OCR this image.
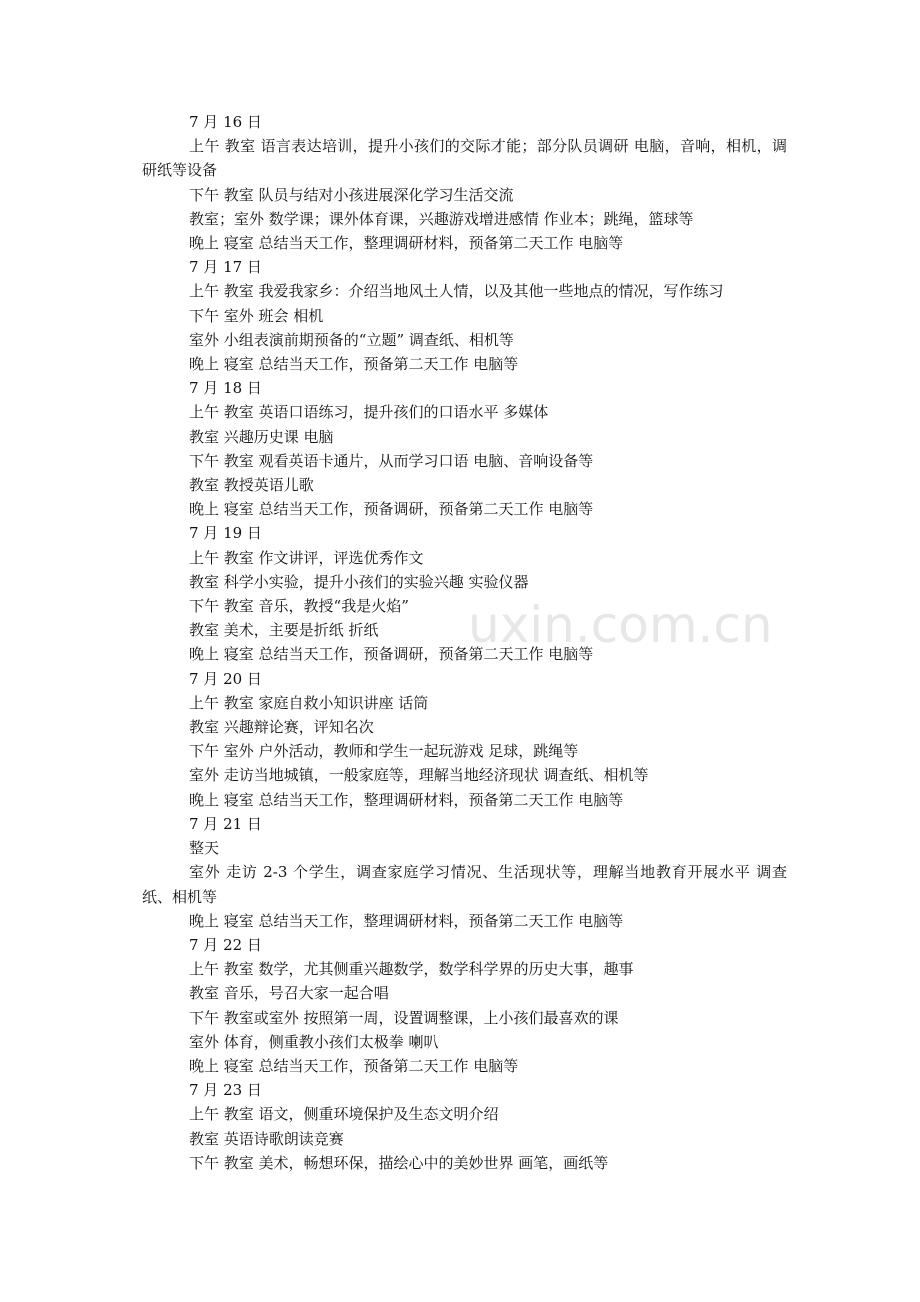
7 月 16 日

上午 教室 语言表达培训，提升小孩们的交际才能；部分队员调研 电脑，音响，相机，调研纸等设备

下午 教室 队员与结对小孩进展深化学习生活交流

教室；室外 数学课；课外体育课，兴趣游戏增进感情 作业本；跳绳，篮球等

晚上 寝室 总结当天工作，整理调研材料，预备第二天工作 电脑等

7 月 17 日

上午 教室 我爱我家乡：介绍当地风土人情，以及其他一些地点的情况，写作练习

下午 室外 班会 相机

室外 小组表演前期预备的“立题” 调查纸、相机等

晚上 寝室 总结当天工作，预备第二天工作 电脑等

7 月 18 日

上午 教室 英语口语练习，提升孩们的口语水平 多媒体

教室 兴趣历史课 电脑

下午 教室 观看英语卡通片，从而学习口语 电脑、音响设备等

教室 教授英语儿歌

晚上 寝室 总结当天工作，预备调研，预备第二天工作 电脑等

7 月 19 日

上午 教室 作文讲评，评选优秀作文

教室 科学小实验，提升小孩们的实验兴趣 实验仪器

下午 教室 音乐，教授“我是火焰”

教室 美术，主要是折纸 折纸

晚上 寝室 总结当天工作，预备调研，预备第二天工作 电脑等

7 月 20 日

上午 教室 家庭自救小知识讲座 话筒

教室 兴趣辩论赛，评知名次

下午 室外 户外活动，教师和学生一起玩游戏 足球，跳绳等

室外 走访当地城镇，一般家庭等，理解当地经济现状 调查纸、相机等

晚上 寝室 总结当天工作，整理调研材料，预备第二天工作 电脑等

7 月 21 日

整天

室外 走访 2-3 个学生，调查家庭学习情况、生活现状等，理解当地教育开展水平 调查纸、相机等

晚上 寝室 总结当天工作，整理调研材料，预备第二天工作 电脑等

7 月 22 日

上午 教室 数学，尤其侧重兴趣数学，数学科学界的历史大事，趣事

教室 音乐，号召大家一起合唱

下午 教室或室外 按照第一周，设置调整课，上小孩们最喜欢的课

室外 体育，侧重教小孩们太极拳 喇叭

晚上 寝室 总结当天工作，预备第二天工作 电脑等

7 月 23 日

上午 教室 语文，侧重环境保护及生态文明介绍

教室 英语诗歌朗读竞赛

下午 教室 美术，畅想环保，描绘心中的美妙世界 画笔，画纸等

uxin.com.cn
